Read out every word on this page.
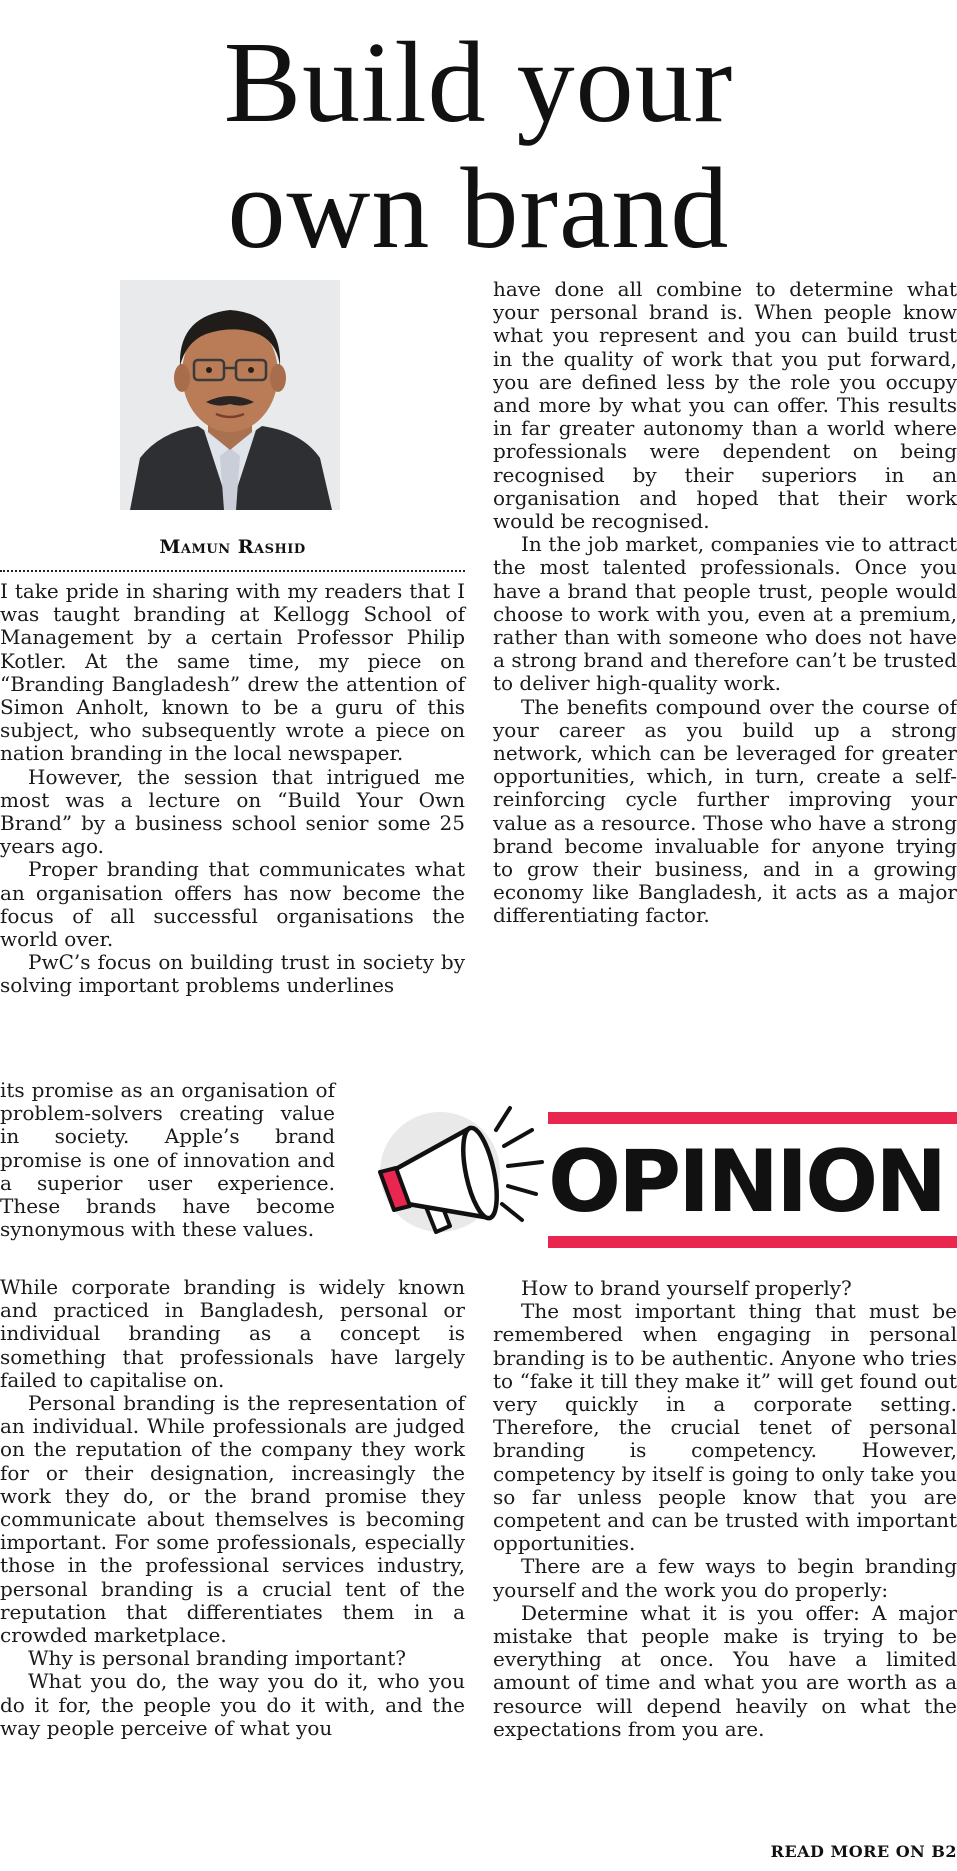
Build your
own brand
Mamun Rashid

I take pride in sharing with my readers that I was taught branding at Kellogg School of Management by a certain Professor Philip Kotler. At the same time, my piece on “Branding Bangladesh” drew the attention of Simon Anholt, known to be a guru of this subject, who subsequently wrote a piece on nation branding in the local newspaper.

However, the session that intrigued me most was a lecture on “Build Your Own Brand” by a business school senior some 25 years ago.

Proper branding that communicates what an organisation offers has now become the focus of all successful organisations the world over.

PwC’s focus on building trust in society by solving important problems underlines

its promise as an organisation of problem-solvers creating value in society. Apple’s brand promise is one of innovation and a superior user experience. These brands have become synonymous with these values.

While corporate branding is widely known and practiced in Bangladesh, personal or individual branding as a concept is something that professionals have largely failed to capitalise on.

Personal branding is the representation of an individual. While professionals are judged on the reputation of the company they work for or their designation, increasingly the work they do, or the brand promise they communicate about themselves is becoming important. For some professionals, especially those in the professional services industry, personal branding is a crucial tent of the reputation that differentiates them in a crowded marketplace.

Why is personal branding important?

What you do, the way you do it, who you do it for, the people you do it with, and the way people perceive of what you

have done all combine to determine what your personal brand is. When people know what you represent and you can build trust in the quality of work that you put forward, you are defined less by the role you occupy and more by what you can offer. This results in far greater autonomy than a world where professionals were dependent on being recognised by their superiors in an organisation and hoped that their work would be recognised.

In the job market, companies vie to attract the most talented professionals. Once you have a brand that people trust, people would choose to work with you, even at a premium, rather than with someone who does not have a strong brand and therefore can’t be trusted to deliver high-quality work.

The benefits compound over the course of your career as you build up a strong network, which can be leveraged for greater opportunities, which, in turn, create a self-reinforcing cycle further improving your value as a resource. Those who have a strong brand become invaluable for anyone trying to grow their business, and in a growing economy like Bangladesh, it acts as a major differentiating factor.

OPINION

How to brand yourself properly?

The most important thing that must be remembered when engaging in personal branding is to be authentic. Anyone who tries to “fake it till they make it” will get found out very quickly in a corporate setting. Therefore, the crucial tenet of personal branding is competency. However, competency by itself is going to only take you so far unless people know that you are competent and can be trusted with important opportunities.

There are a few ways to begin branding yourself and the work you do properly:

Determine what it is you offer: A major mistake that people make is trying to be everything at once. You have a limited amount of time and what you are worth as a resource will depend heavily on what the expectations from you are.

READ MORE ON B2
